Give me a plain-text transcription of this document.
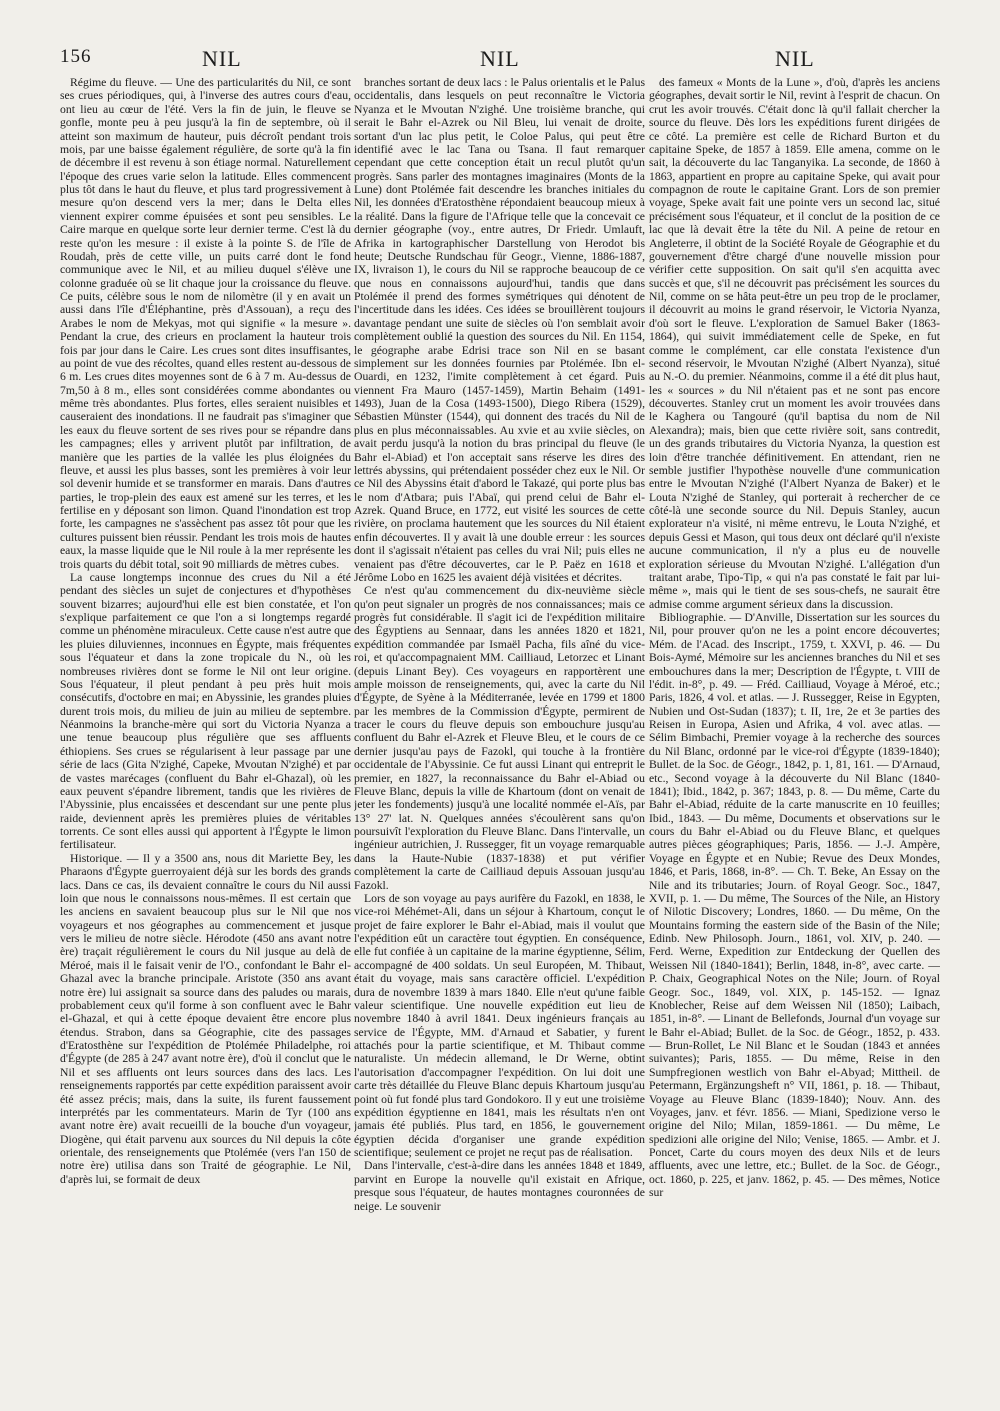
156	NIL	NIL	NIL

Régime du fleuve. — Une des particularités du Nil, ce sont ses crues périodiques, qui, à l'inverse des autres cours d'eau, ont lieu au cœur de l'été. Vers la fin de juin, le fleuve se gonfle, monte peu à peu jusqu'à la fin de septembre, où il atteint son maximum de hauteur, puis décroît pendant trois mois, par une baisse également régulière, de sorte qu'à la fin de décembre il est revenu à son étiage normal. Naturellement l'époque des crues varie selon la latitude. Elles commencent plus tôt dans le haut du fleuve, et plus tard progressivement à mesure qu'on descend vers la mer; dans le Delta elles viennent expirer comme épuisées et sont peu sensibles. Le Caire marque en quelque sorte leur dernier terme. C'est là du reste qu'on les mesure : il existe à la pointe S. de l'île de Roudah, près de cette ville, un puits carré dont le fond communique avec le Nil, et au milieu duquel s'élève une colonne graduée où se lit chaque jour la croissance du fleuve. Ce puits, célèbre sous le nom de nilomètre (il y en avait un aussi dans l'île d'Éléphantine, près d'Assouan), a reçu des Arabes le nom de Mekyas, mot qui signifie « la mesure ». Pendant la crue, des crieurs en proclament la hauteur trois fois par jour dans le Caire. Les crues sont dites insuffisantes, au point de vue des récoltes, quand elles restent au-dessous de 6 m. Les crues dites moyennes sont de 6 à 7 m. Au-dessus de 7m,50 à 8 m., elles sont considérées comme abondantes ou même très abondantes. Plus fortes, elles seraient nuisibles et causeraient des inondations. Il ne faudrait pas s'imaginer que les eaux du fleuve sortent de ses rives pour se répandre dans les campagnes; elles y arrivent plutôt par infiltration, de manière que les parties de la vallée les plus éloignées du fleuve, et aussi les plus basses, sont les premières à voir leur sol devenir humide et se transformer en marais. Dans d'autres parties, le trop-plein des eaux est amené sur les terres, et les fertilise en y déposant son limon. Quand l'inondation est trop forte, les campagnes ne s'assèchent pas assez tôt pour que les cultures puissent bien réussir. Pendant les trois mois de hautes eaux, la masse liquide que le Nil roule à la mer représente les trois quarts du débit total, soit 90 milliards de mètres cubes.

La cause longtemps inconnue des crues du Nil a été pendant des siècles un sujet de conjectures et d'hypothèses souvent bizarres; aujourd'hui elle est bien constatée, et l'on s'explique parfaitement ce que l'on a si longtemps regardé comme un phénomène miraculeux. Cette cause n'est autre que les pluies diluviennes, inconnues en Égypte, mais fréquentes sous l'équateur et dans la zone tropicale du N., où les nombreuses rivières dont se forme le Nil ont leur origine. Sous l'équateur, il pleut pendant à peu près huit mois consécutifs, d'octobre en mai; en Abyssinie, les grandes pluies durent trois mois, du milieu de juin au milieu de septembre. Néanmoins la branche-mère qui sort du Victoria Nyanza a une tenue beaucoup plus régulière que ses affluents éthiopiens. Ses crues se régularisent à leur passage par une série de lacs (Gita N'zighé, Capeke, Mvoutan N'zighé) et par de vastes marécages (confluent du Bahr el-Ghazal), où les eaux peuvent s'épandre librement, tandis que les rivières de l'Abyssinie, plus encaissées et descendant sur une pente plus raide, deviennent après les premières pluies de véritables torrents. Ce sont elles aussi qui apportent à l'Égypte le limon fertilisateur.

Historique. — Il y a 3500 ans, nous dit Mariette Bey, les Pharaons d'Égypte guerroyaient déjà sur les bords des grands lacs. Dans ce cas, ils devaient connaître le cours du Nil aussi loin que nous le connaissons nous-mêmes. Il est certain que les anciens en savaient beaucoup plus sur le Nil que nos voyageurs et nos géographes au commencement et jusque vers le milieu de notre siècle. Hérodote (450 ans avant notre ère) traçait régulièrement le cours du Nil jusque au delà de Méroé, mais il le faisait venir de l'O., confondant le Bahr el-Ghazal avec la branche principale. Aristote (350 ans avant notre ère) lui assignait sa source dans des paludes ou marais, probablement ceux qu'il forme à son confluent avec le Bahr el-Ghazal, et qui à cette époque devaient être encore plus étendus. Strabon, dans sa Géographie, cite des passages d'Eratosthène sur l'expédition de Ptolémée Philadelphe, roi d'Égypte (de 285 à 247 avant notre ère), d'où il conclut que le Nil et ses affluents ont leurs sources dans des lacs. Les renseignements rapportés par cette expédition paraissent avoir été assez précis; mais, dans la suite, ils furent faussement interprétés par les commentateurs. Marin de Tyr (100 ans avant notre ère) avait recueilli de la bouche d'un voyageur, Diogène, qui était parvenu aux sources du Nil depuis la côte orientale, des renseignements que Ptolémée (vers l'an 150 de notre ère) utilisa dans son Traité de géographie. Le Nil, d'après lui, se formait de deux

branches sortant de deux lacs : le Palus orientalis et le Palus occidentalis, dans lesquels on peut reconnaître le Victoria Nyanza et le Mvoutan N'zighé. Une troisième branche, qui serait le Bahr el-Azrek ou Nil Bleu, lui venait de droite, sortant d'un lac plus petit, le Coloe Palus, qui peut être identifié avec le lac Tana ou Tsana. Il faut remarquer cependant que cette conception était un recul plutôt qu'un progrès. Sans parler des montagnes imaginaires (Monts de la Lune) dont Ptolémée fait descendre les branches initiales du Nil, les données d'Eratosthène répondaient beaucoup mieux à la réalité. Dans la figure de l'Afrique telle que la concevait ce dernier géographe (voy., entre autres, Dr Friedr. Umlauft, Afrika in kartographischer Darstellung von Herodot bis heute; Deutsche Rundschau für Geogr., Vienne, 1886-1887, IX, livraison 1), le cours du Nil se rapproche beaucoup de ce que nous en connaissons aujourd'hui, tandis que dans Ptolémée il prend des formes symétriques qui dénotent de l'incertitude dans les idées. Ces idées se brouillèrent toujours davantage pendant une suite de siècles où l'on semblait avoir complètement oublié la question des sources du Nil. En 1154, le géographe arabe Edrisi trace son Nil en se basant simplement sur les données fournies par Ptolémée. Ibn el-Ouardi, en 1232, l'imite complètement à cet égard. Puis viennent Fra Mauro (1457-1459), Martin Behaim (1491-1493), Juan de la Cosa (1493-1500), Diego Ribera (1529), Sébastien Münster (1544), qui donnent des tracés du Nil de plus en plus méconnaissables. Au xvie et au xviie siècles, on avait perdu jusqu'à la notion du bras principal du fleuve (le Bahr el-Abiad) et l'on acceptait sans réserve les dires des lettrés abyssins, qui prétendaient posséder chez eux le Nil. Or ce Nil des Abyssins était d'abord le Takazé, qui porte plus bas le nom d'Atbara; puis l'Abaï, qui prend celui de Bahr el-Azrek. Quand Bruce, en 1772, eut visité les sources de cette rivière, on proclama hautement que les sources du Nil étaient enfin découvertes. Il y avait là une double erreur : les sources dont il s'agissait n'étaient pas celles du vrai Nil; puis elles ne venaient pas d'être découvertes, car le P. Paëz en 1618 et Jérôme Lobo en 1625 les avaient déjà visitées et décrites.

Ce n'est qu'au commencement du dix-neuvième siècle qu'on peut signaler un progrès de nos connaissances; mais ce progrès fut considérable. Il s'agit ici de l'expédition militaire des Égyptiens au Sennaar, dans les années 1820 et 1821, expédition commandée par Ismaël Pacha, fils aîné du vice-roi, et qu'accompagnaient MM. Cailliaud, Letorzec et Linant (depuis Linant Bey). Ces voyageurs en rapportèrent une ample moisson de renseignements, qui, avec la carte du Nil d'Égypte, de Syène à la Méditerranée, levée en 1799 et 1800 par les membres de la Commission d'Égypte, permirent de tracer le cours du fleuve depuis son embouchure jusqu'au confluent du Bahr el-Azrek et Fleuve Bleu, et le cours de ce dernier jusqu'au pays de Fazokl, qui touche à la frontière occidentale de l'Abyssinie. Ce fut aussi Linant qui entreprit le premier, en 1827, la reconnaissance du Bahr el-Abiad ou Fleuve Blanc, depuis la ville de Khartoum (dont on venait de jeter les fondements) jusqu'à une localité nommée el-Aïs, par 13° 27' lat. N. Quelques années s'écoulèrent sans qu'on poursuivît l'exploration du Fleuve Blanc. Dans l'intervalle, un ingénieur autrichien, J. Russegger, fit un voyage remarquable dans la Haute-Nubie (1837-1838) et put vérifier complètement la carte de Cailliaud depuis Assouan jusqu'au Fazokl.

Lors de son voyage au pays aurifère du Fazokl, en 1838, le vice-roi Méhémet-Ali, dans un séjour à Khartoum, conçut le projet de faire explorer le Bahr el-Abiad, mais il voulut que l'expédition eût un caractère tout égyptien. En conséquence, elle fut confiée à un capitaine de la marine égyptienne, Sélim, accompagné de 400 soldats. Un seul Européen, M. Thibaut, était du voyage, mais sans caractère officiel. L'expédition dura de novembre 1839 à mars 1840. Elle n'eut qu'une faible valeur scientifique. Une nouvelle expédition eut lieu de novembre 1840 à avril 1841. Deux ingénieurs français au service de l'Égypte, MM. d'Arnaud et Sabatier, y furent attachés pour la partie scientifique, et M. Thibaut comme naturaliste. Un médecin allemand, le Dr Werne, obtint l'autorisation d'accompagner l'expédition. On lui doit une carte très détaillée du Fleuve Blanc depuis Khartoum jusqu'au point où fut fondé plus tard Gondokoro. Il y eut une troisième expédition égyptienne en 1841, mais les résultats n'en ont jamais été publiés. Plus tard, en 1856, le gouvernement égyptien décida d'organiser une grande expédition scientifique; seulement ce projet ne reçut pas de réalisation.

Dans l'intervalle, c'est-à-dire dans les années 1848 et 1849, parvint en Europe la nouvelle qu'il existait en Afrique, presque sous l'équateur, de hautes montagnes couronnées de neige. Le souvenir

des fameux « Monts de la Lune », d'où, d'après les anciens géographes, devait sortir le Nil, revint à l'esprit de chacun. On crut les avoir trouvés. C'était donc là qu'il fallait chercher la source du fleuve. Dès lors les expéditions furent dirigées de ce côté. La première est celle de Richard Burton et du capitaine Speke, de 1857 à 1859. Elle amena, comme on le sait, la découverte du lac Tanganyika. La seconde, de 1860 à 1863, appartient en propre au capitaine Speke, qui avait pour compagnon de route le capitaine Grant. Lors de son premier voyage, Speke avait fait une pointe vers un second lac, situé précisément sous l'équateur, et il conclut de la position de ce lac que là devait être la tête du Nil. A peine de retour en Angleterre, il obtint de la Société Royale de Géographie et du gouvernement d'être chargé d'une nouvelle mission pour vérifier cette supposition. On sait qu'il s'en acquitta avec succès et que, s'il ne découvrit pas précisément les sources du Nil, comme on se hâta peut-être un peu trop de le proclamer, il découvrit au moins le grand réservoir, le Victoria Nyanza, d'où sort le fleuve. L'exploration de Samuel Baker (1863-1864), qui suivit immédiatement celle de Speke, en fut comme le complément, car elle constata l'existence d'un second réservoir, le Mvoutan N'zighé (Albert Nyanza), situé au N.-O. du premier. Néanmoins, comme il a été dit plus haut, les « sources » du Nil n'étaient pas et ne sont pas encore découvertes. Stanley crut un moment les avoir trouvées dans le Kaghera ou Tangouré (qu'il baptisa du nom de Nil Alexandra); mais, bien que cette rivière soit, sans contredit, un des grands tributaires du Victoria Nyanza, la question est loin d'être tranchée définitivement. En attendant, rien ne semble justifier l'hypothèse nouvelle d'une communication entre le Mvoutan N'zighé (l'Albert Nyanza de Baker) et le Louta N'zighé de Stanley, qui porterait à rechercher de ce côté-là une seconde source du Nil. Depuis Stanley, aucun explorateur n'a visité, ni même entrevu, le Louta N'zighé, et depuis Gessi et Mason, qui tous deux ont déclaré qu'il n'existe aucune communication, il n'y a plus eu de nouvelle exploration sérieuse du Mvoutan N'zighé. L'allégation d'un traitant arabe, Tipo-Tip, « qui n'a pas constaté le fait par lui-même », mais qui le tient de ses sous-chefs, ne saurait être admise comme argument sérieux dans la discussion.

Bibliographie. — D'Anville, Dissertation sur les sources du Nil, pour prouver qu'on ne les a point encore découvertes; Mém. de l'Acad. des Inscript., 1759, t. XXVI, p. 46. — Du Bois-Aymé, Mémoire sur les anciennes branches du Nil et ses embouchures dans la mer; Description de l'Égypte, t. VIII de l'édit. in-8°, p. 49. — Fréd. Cailliaud, Voyage à Méroé, etc.; Paris, 1826, 4 vol. et atlas. — J. Russegger, Reise in Egypten, Nubien und Ost-Sudan (1837); t. II, 1re, 2e et 3e parties des Reisen in Europa, Asien und Afrika, 4 vol. avec atlas. — Sélim Bimbachi, Premier voyage à la recherche des sources du Nil Blanc, ordonné par le vice-roi d'Égypte (1839-1840); Bullet. de la Soc. de Géogr., 1842, p. 1, 81, 161. — D'Arnaud, etc., Second voyage à la découverte du Nil Blanc (1840-1841); Ibid., 1842, p. 367; 1843, p. 8. — Du même, Carte du Bahr el-Abiad, réduite de la carte manuscrite en 10 feuilles; Ibid., 1843. — Du même, Documents et observations sur le cours du Bahr el-Abiad ou du Fleuve Blanc, et quelques autres pièces géographiques; Paris, 1856. — J.-J. Ampère, Voyage en Égypte et en Nubie; Revue des Deux Mondes, 1846, et Paris, 1868, in-8°. — Ch. T. Beke, An Essay on the Nile and its tributaries; Journ. of Royal Geogr. Soc., 1847, XVII, p. 1. — Du même, The Sources of the Nile, an History of Nilotic Discovery; Londres, 1860. — Du même, On the Mountains forming the eastern side of the Basin of the Nile; Edinb. New Philosoph. Journ., 1861, vol. XIV, p. 240. — Ferd. Werne, Expedition zur Entdeckung der Quellen des Weissen Nil (1840-1841); Berlin, 1848, in-8°, avec carte. — P. Chaix, Geographical Notes on the Nile; Journ. of Royal Geogr. Soc., 1849, vol. XIX, p. 145-152. — Ignaz Knoblecher, Reise auf dem Weissen Nil (1850); Laibach, 1851, in-8°. — Linant de Bellefonds, Journal d'un voyage sur le Bahr el-Abiad; Bullet. de la Soc. de Géogr., 1852, p. 433. — Brun-Rollet, Le Nil Blanc et le Soudan (1843 et années suivantes); Paris, 1855. — Du même, Reise in den Sumpfregionen westlich von Bahr el-Abyad; Mittheil. de Petermann, Ergänzungsheft n° VII, 1861, p. 18. — Thibaut, Voyage au Fleuve Blanc (1839-1840); Nouv. Ann. des Voyages, janv. et févr. 1856. — Miani, Spedizione verso le origine del Nilo; Milan, 1859-1861. — Du même, Le spedizioni alle origine del Nilo; Venise, 1865. — Ambr. et J. Poncet, Carte du cours moyen des deux Nils et de leurs affluents, avec une lettre, etc.; Bullet. de la Soc. de Géogr., oct. 1860, p. 225, et janv. 1862, p. 45. — Des mêmes, Notice sur
